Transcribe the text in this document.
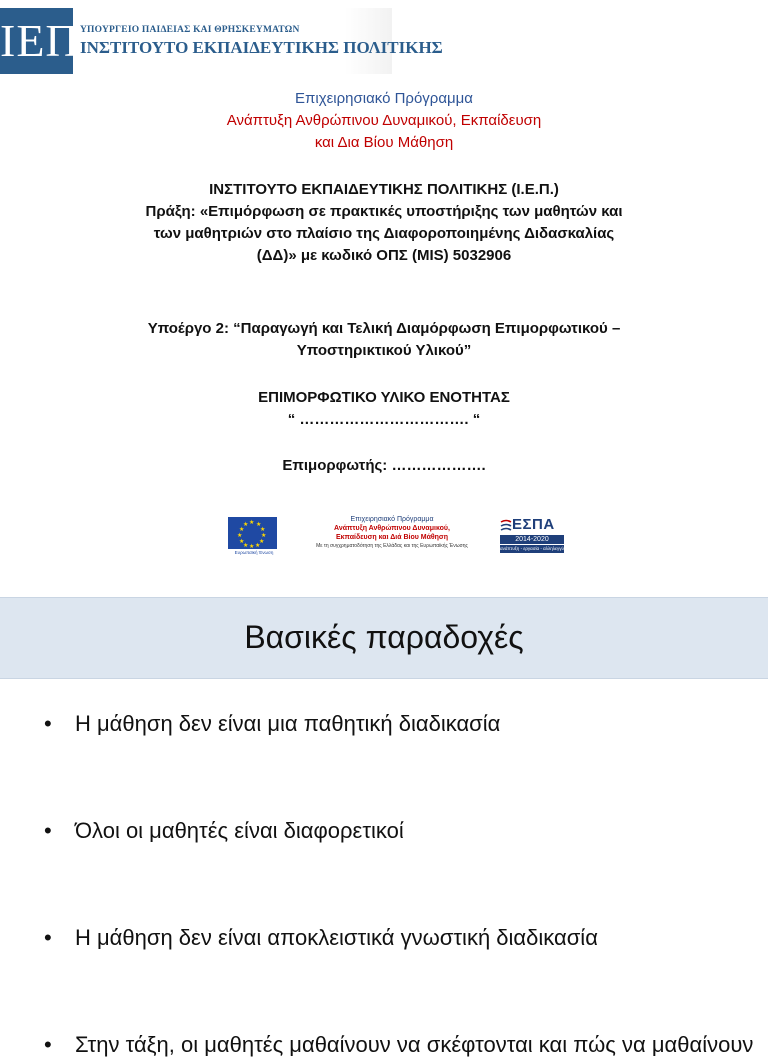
ΙΕΠ ΥΠΟΥΡΓΕΙΟ ΠΑΙΔΕΙΑΣ ΚΑΙ ΘΡΗΣΚΕΥΜΑΤΩΝ
ΙΝΣΤΙΤΟΥΤΟ ΕΚΠΑΙΔΕΥΤΙΚΗΣ ΠΟΛΙΤΙΚΗΣ
Επιχειρησιακό Πρόγραμμα
Ανάπτυξη Ανθρώπινου Δυναμικού, Εκπαίδευση
και Δια Βίου Μάθηση
ΙΝΣΤΙΤΟΥΤΟ ΕΚΠΑΙΔΕΥΤΙΚΗΣ ΠΟΛΙΤΙΚΗΣ (Ι.Ε.Π.)
Πράξη: «Επιμόρφωση σε πρακτικές υποστήριξης των μαθητών και
των μαθητριών στο πλαίσιο της Διαφοροποιημένης Διδασκαλίας
(ΔΔ)» με κωδικό ΟΠΣ (MIS) 5032906
Υποέργο 2: “Παραγωγή και Τελική Διαμόρφωση Επιμορφωτικού –
Υποστηρικτικού Υλικού”
ΕΠΙΜΟΡΦΩΤΙΚΟ ΥΛΙΚΟ ΕΝΟΤΗΤΑΣ
“ ……………………………. “
Επιμορφωτής: ……………….
★ ★
★
★
★
★
★
★
★
★
★
★
Ευρωπαϊκή Ένωση
Επιχειρησιακό Πρόγραμμα
Ανάπτυξη Ανθρώπινου Δυναμικού,
Εκπαίδευση και Διά Βίου Μάθηση
Με τη συγχρηματοδότηση της Ελλάδας και της Ευρωπαϊκής Ένωσης
ΕΣΠΑ
2014-2020
ανάπτυξη - εργασία - αλληλεγγύη
Βασικές παραδοχές
• Η μάθηση δεν είναι μια παθητική διαδικασία
• Όλοι οι μαθητές είναι διαφορετικοί
• Η μάθηση δεν είναι αποκλειστικά γνωστική διαδικασία
• Στην τάξη, οι μαθητές μαθαίνουν να σκέφτονται και πώς να μαθαίνουν
